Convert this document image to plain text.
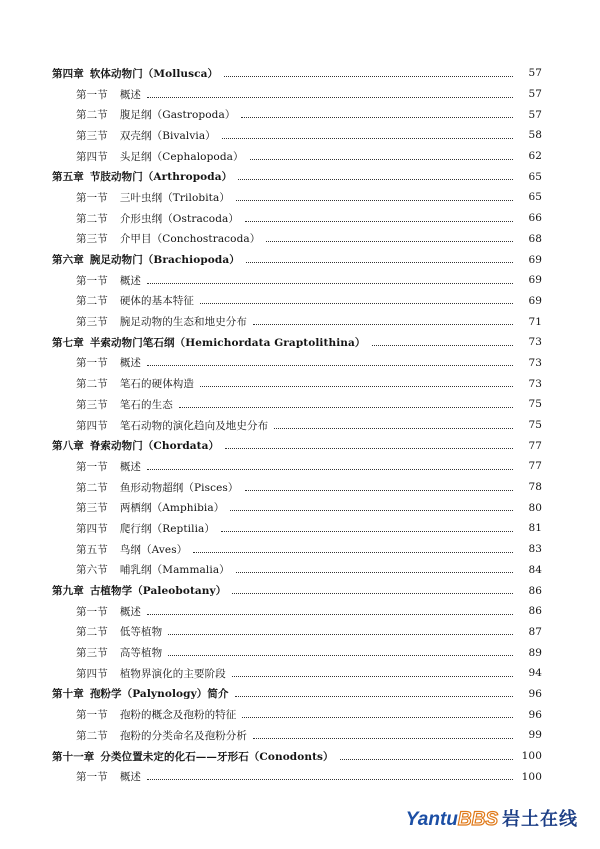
第四章 软体动物门（Mollusca）	57
第一节 概述	57
第二节 腹足纲（Gastropoda）	57
第三节 双壳纲（Bivalvia）	58
第四节 头足纲（Cephalopoda）	62
第五章 节肢动物门（Arthropoda）	65
第一节 三叶虫纲（Trilobita）	65
第二节 介形虫纲（Ostracoda）	66
第三节 介甲目（Conchostracoda）	68
第六章 腕足动物门（Brachiopoda）	69
第一节 概述	69
第二节 硬体的基本特征	69
第三节 腕足动物的生态和地史分布	71
第七章 半索动物门笔石纲（Hemichordata Graptolithina）	73
第一节 概述	73
第二节 笔石的硬体构造	73
第三节 笔石的生态	75
第四节 笔石动物的演化趋向及地史分布	75
第八章 脊索动物门（Chordata）	77
第一节 概述	77
第二节 鱼形动物超纲（Pisces）	78
第三节 两栖纲（Amphibia）	80
第四节 爬行纲（Reptilia）	81
第五节 鸟纲（Aves）	83
第六节 哺乳纲（Mammalia）	84
第九章 古植物学（Paleobotany）	86
第一节 概述	86
第二节 低等植物	87
第三节 高等植物	89
第四节 植物界演化的主要阶段	94
第十章 孢粉学（Palynology）简介	96
第一节 孢粉的概念及孢粉的特征	96
第二节 孢粉的分类命名及孢粉分析	99
第十一章 分类位置未定的化石——牙形石（Conodonts）	100
第一节 概述	100
Yantu BBS 岩土在线
